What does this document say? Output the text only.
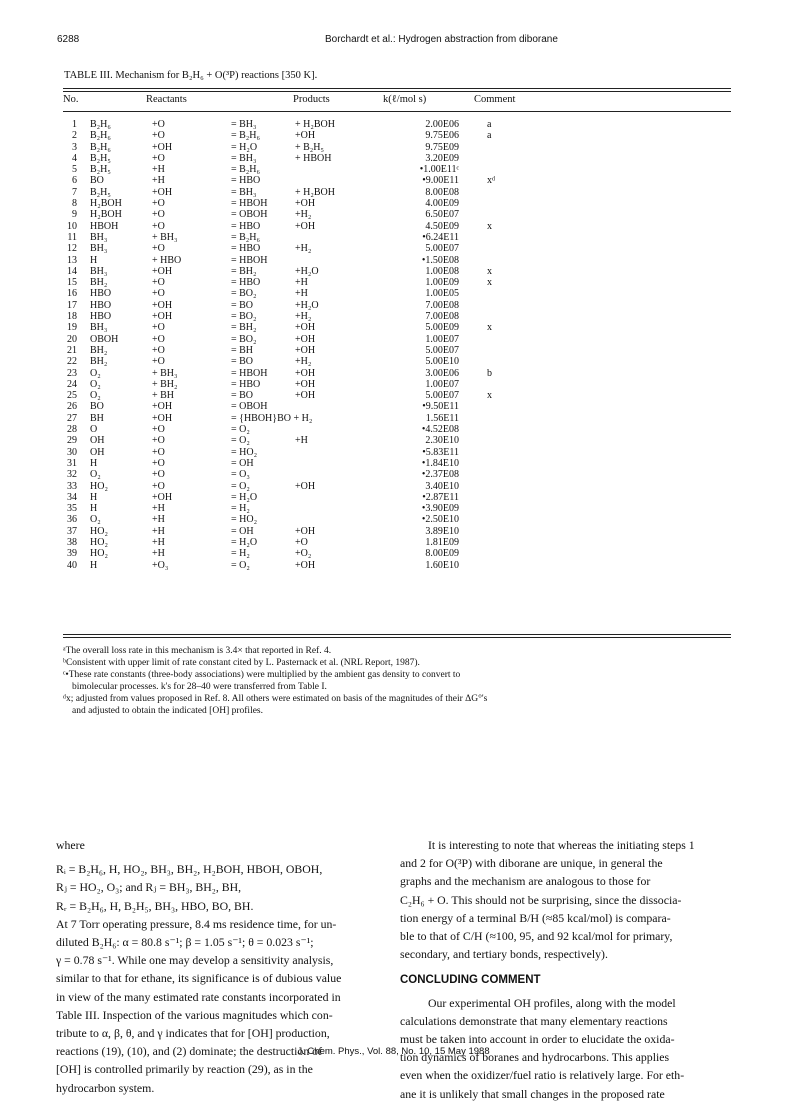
6288	Borchardt et al.: Hydrogen abstraction from diborane
TABLE III. Mechanism for B₂H₆ + O(³P) reactions [350 K].
No.	Reactants	Products	k(ℓ/mol s)	Comment
1 B₂H₆	+O	= BH₃	+ H₂BOH	2.00E06	a
2 B₂H₆	+O	= B₂H₆	+OH	9.75E06	a
3 B₂H₆	+OH	= H₂O	+ B₂H₅	9.75E09
4 B₂H₅	+O	= BH₃	+ HBOH	3.20E09
5 B₂H₅	+H	= B₂H₆	•1.00E11ᶜ
6 BO	+H	= HBO	•9.00E11	xᵈ
7 B₂H₅	+OH	= BH₃	+ H₂BOH	8.00E08
8 H₂BOH	+O	= HBOH	+OH	4.00E09
9 H₂BOH	+O	= OBOH	+H₂	6.50E07
10 HBOH	+O	= HBO	+OH	4.50E09	x
11 BH₃	+ BH₃	= B₂H₆	•6.24E11
12 BH₃	+O	= HBO	+H₂	5.00E07
13 H	+ HBO	= HBOH	•1.50E08
14 BH₃	+OH	= BH₂	+H₂O	1.00E08	x
15 BH₂	+O	= HBO	+H	1.00E09	x
16 HBO	+O	= BO₂	+H	1.00E05
17 HBO	+OH	= BO	+H₂O	7.00E08
18 HBO	+OH	= BO₂	+H₂	7.00E08
19 BH₃	+O	= BH₂	+OH	5.00E09	x
20 OBOH	+O	= BO₂	+OH	1.00E07
21 BH₂	+O	= BH	+OH	5.00E07
22 BH₂	+O	= BO	+H₂	5.00E10
23 O₂	+ BH₃	= HBOH	+OH	3.00E06	b
24 O₂	+ BH₂	= HBO	+OH	1.00E07
25 O₂	+ BH	= BO	+OH	5.00E07	x
26 BO	+OH	= OBOH	•9.50E11
27 BH	+OH	= {HBOH}BO + H₂	1.56E11
28 O	+O	= O₂	•4.52E08
29 OH	+O	= O₂	+H	2.30E10
30 OH	+O	= HO₂	•5.83E11
31 H	+O	= OH	•1.84E10
32 O₂	+O	= O₃	•2.37E08
33 HO₂	+O	= O₂	+OH	3.40E10
34 H	+OH	= H₂O	•2.87E11
35 H	+H	= H₂	•3.90E09
36 O₂	+H	= HO₂	•2.50E10
37 HO₂	+H	= OH	+OH	3.89E10
38 HO₂	+H	= H₂O	+O	1.81E09
39 HO₂	+H	= H₂	+O₂	8.00E09
40 H	+O₃	= O₂	+OH	1.60E10
ᵃThe overall loss rate in this mechanism is 3.4× that reported in Ref. 4.
ᵇConsistent with upper limit of rate constant cited by L. Pasternack et al. (NRL Report, 1987).
ᶜ•These rate constants (three-body associations) were multiplied by the ambient gas density to convert to
bimolecular processes. k's for 28–40 were transferred from Table I.
ᵈx; adjusted from values proposed in Ref. 8. All others were estimated on basis of the magnitudes of their ΔG°'s
and adjusted to obtain the indicated [OH] profiles.
where
Rᵢ = B₂H₆, H, HO₂, BH₃, BH₂, H₂BOH, HBOH, OBOH,
Rⱼ = HO₂, O₃; and Rⱼ = BH₃, BH₂, BH,
Rᵣ = B₂H₆, H, B₂H₅, BH₃, HBO, BO, BH.
At 7 Torr operating pressure, 8.4 ms residence time, for un-
diluted B₂H₆: α = 80.8 s⁻¹; β = 1.05 s⁻¹; θ = 0.023 s⁻¹;
γ = 0.78 s⁻¹. While one may develop a sensitivity analysis,
similar to that for ethane, its significance is of dubious value
in view of the many estimated rate constants incorporated in
Table III. Inspection of the various magnitudes which con-
tribute to α, β, θ, and γ indicates that for [OH] production,
reactions (19), (10), and (2) dominate; the destruction of
[OH] is controlled primarily by reaction (29), as in the
hydrocarbon system.
It is interesting to note that whereas the initiating steps 1
and 2 for O(³P) with diborane are unique, in general the
graphs and the mechanism are analogous to those for
C₂H₆ + O. This should not be surprising, since the dissocia-
tion energy of a terminal B/H (≈85 kcal/mol) is compara-
ble to that of C/H (≈100, 95, and 92 kcal/mol for primary,
secondary, and tertiary bonds, respectively).
CONCLUDING COMMENT
Our experimental OH profiles, along with the model
calculations demonstrate that many elementary reactions
must be taken into account in order to elucidate the oxida-
tion dynamics of boranes and hydrocarbons. This applies
even when the oxidizer/fuel ratio is relatively large. For eth-
ane it is unlikely that small changes in the proposed rate
J. Chem. Phys., Vol. 88, No. 10, 15 May 1988
